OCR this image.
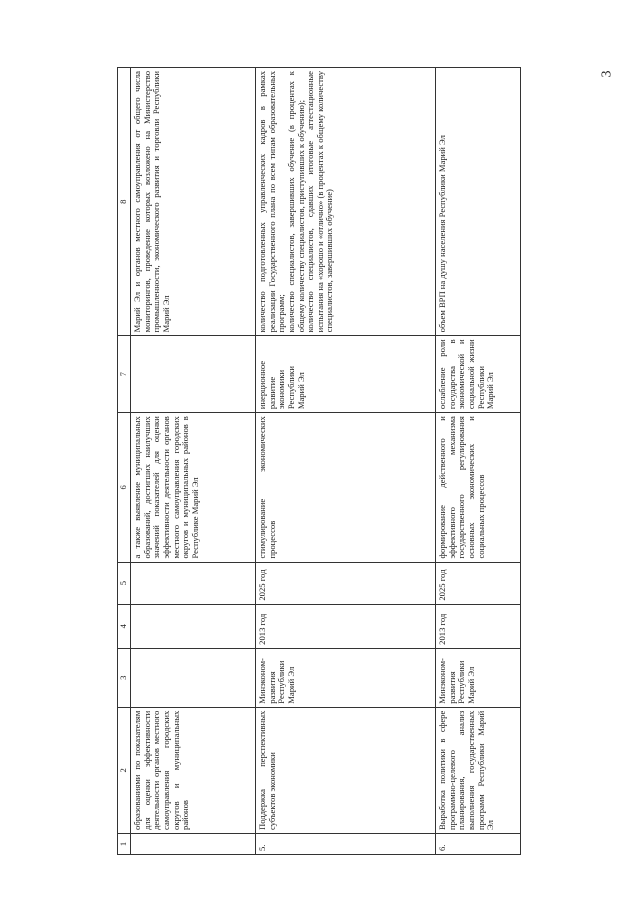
3
1	2	3	4	5	6	7	8
	образованиями по показателям для оценки эффективности деятельности органов местного самоуправления городских округов и муниципальных районов				а также выявление муниципальных образований, достигших наилучших значений показателей для оценки эффективности деятельности органов местного самоуправления городских округов и муниципальных районов в Республике Марий Эл		Марий Эл и органов местного самоуправления от общего числа мониторингов, проведение которых возложено на Министерство промышленности, экономического развития и торговли Республики Марий Эл
5.	Поддержка перспективных субъектов экономики	Минэконом-развития Республики Марий Эл	2013 год	2025 год	стимулирование экономических процессов	инерционное развитие экономики Республики Марий Эл	количество подготовленных управленческих кадров в рамках реализации Государственного плана по всем типам образовательных программ;
количество специалистов, завершивших обучение (в процентах к общему количеству специалистов, приступивших к обучению);
количество специалистов, сдавших итоговые аттестационные испытания на «хорошо и «отлично» (в процентах к общему количеству специалистов, завершивших обучение)
6.	Выработка политики в сфере программно-целевого планирования, анализ выполнения государственных программ Республики Марий Эл	Минэконом-развития Республики Марий Эл	2013 год	2025 год	формирование действенного и эффективного механизма государственного регулирования основных экономических и социальных процессов	ослабление роли государства в экономической и социальной жизни Республики Марий Эл	объем ВРП на душу населения Республики Марий Эл
